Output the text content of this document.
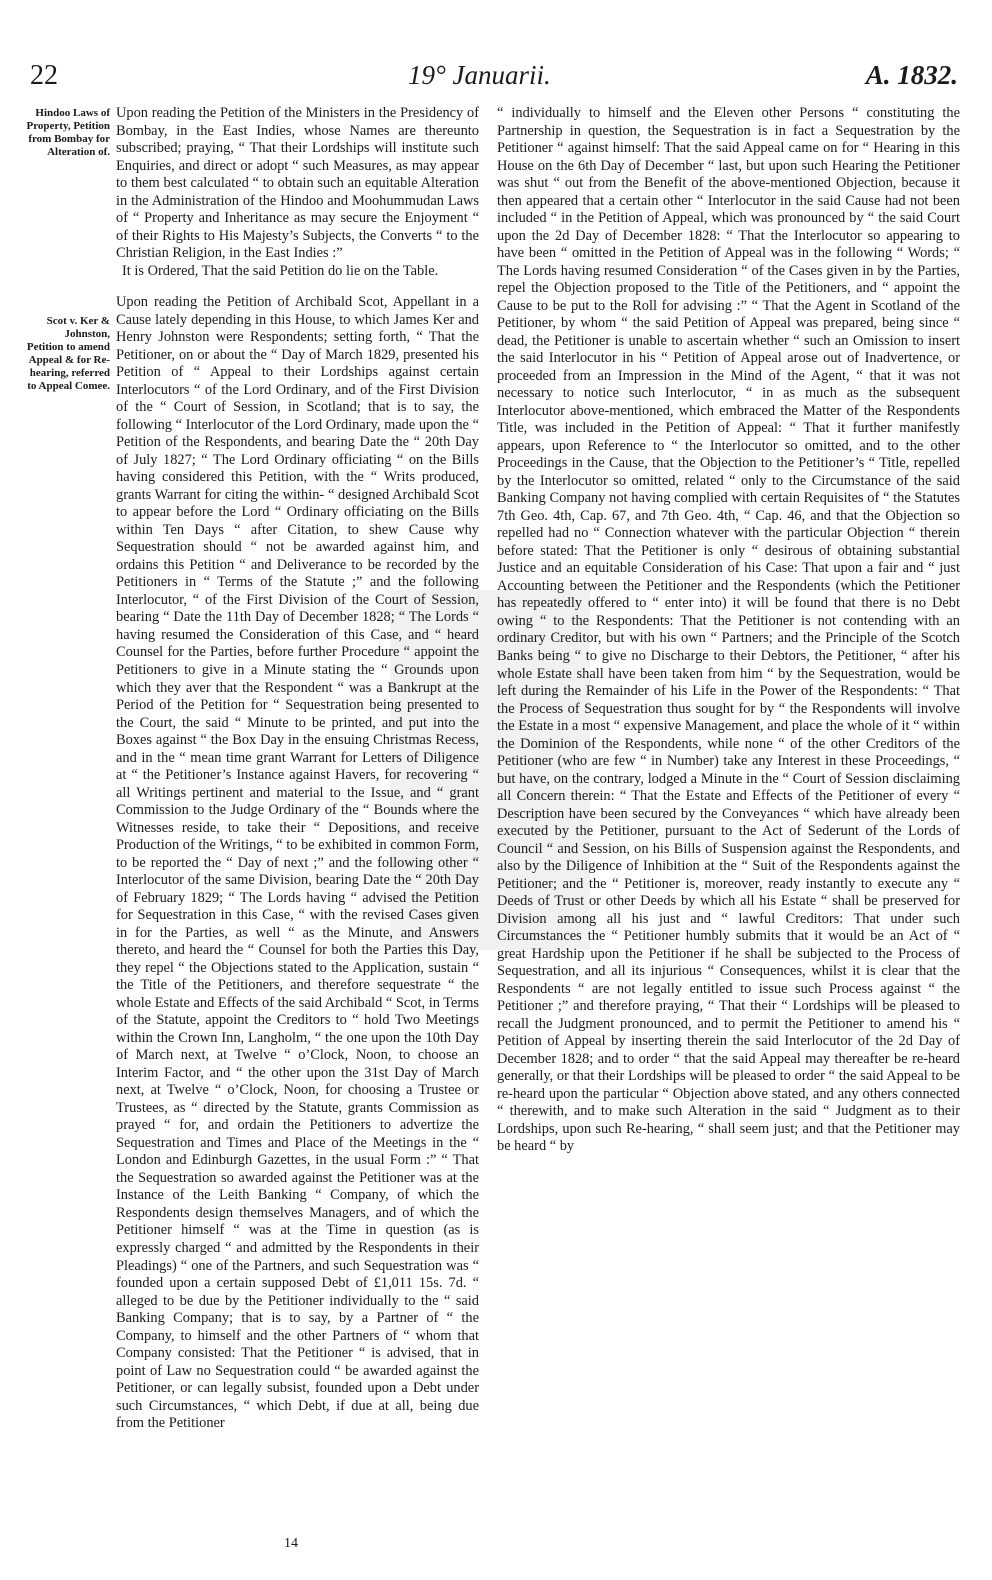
22	19° Januarii.	A. 1832.
Hindoo Laws of Property, Petition from Bombay for Alteration of.
Scot v. Ker & Johnston, Petition to amend Appeal & for Re-hearing, referred to Appeal Comee.

Upon reading the Petition of the Ministers in the Presidency of Bombay, in the East Indies, whose Names are thereunto subscribed; praying, “ That their Lordships will institute such Enquiries, and direct or adopt “ such Measures, as may appear to them best calculated “ to obtain such an equitable Alteration in the Administration of the Hindoo and Moohummudan Laws of “ Property and Inheritance as may secure the Enjoyment “ of their Rights to His Majesty’s Subjects, the Converts “ to the Christian Religion, in the East Indies :”

It is Ordered, That the said Petition do lie on the Table.

Upon reading the Petition of Archibald Scot, Appellant in a Cause lately depending in this House, to which James Ker and Henry Johnston were Respondents; setting forth, “ That the Petitioner, on or about the “ Day of March 1829, presented his Petition of “ Appeal to their Lordships against certain Interlocutors “ of the Lord Ordinary, and of the First Division of the “ Court of Session, in Scotland; that is to say, the following “ Interlocutor of the Lord Ordinary, made upon the “ Petition of the Respondents, and bearing Date the “ 20th Day of July 1827; “ The Lord Ordinary officiating “ on the Bills having considered this Petition, with the “ Writs produced, grants Warrant for citing the within- “ designed Archibald Scot to appear before the Lord “ Ordinary officiating on the Bills within Ten Days “ after Citation, to shew Cause why Sequestration should “ not be awarded against him, and ordains this Petition “ and Deliverance to be recorded by the Petitioners in “ Terms of the Statute ;” and the following Interlocutor, “ of the First Division of the Court of Session, bearing “ Date the 11th Day of December 1828; “ The Lords “ having resumed the Consideration of this Case, and “ heard Counsel for the Parties, before further Procedure “ appoint the Petitioners to give in a Minute stating the “ Grounds upon which they aver that the Respondent “ was a Bankrupt at the Period of the Petition for “ Sequestration being presented to the Court, the said “ Minute to be printed, and put into the Boxes against “ the Box Day in the ensuing Christmas Recess, and in the “ mean time grant Warrant for Letters of Diligence at “ the Petitioner’s Instance against Havers, for recovering “ all Writings pertinent and material to the Issue, and “ grant Commission to the Judge Ordinary of the “ Bounds where the Witnesses reside, to take their “ Depositions, and receive Production of the Writings, “ to be exhibited in common Form, to be reported the “ Day of next ;” and the following other “ Interlocutor of the same Division, bearing Date the “ 20th Day of February 1829; “ The Lords having “ advised the Petition for Sequestration in this Case, “ with the revised Cases given in for the Parties, as well “ as the Minute, and Answers thereto, and heard the “ Counsel for both the Parties this Day, they repel “ the Objections stated to the Application, sustain “ the Title of the Petitioners, and therefore sequestrate “ the whole Estate and Effects of the said Archibald “ Scot, in Terms of the Statute, appoint the Creditors to “ hold Two Meetings within the Crown Inn, Langholm, “ the one upon the 10th Day of March next, at Twelve “ o’Clock, Noon, to choose an Interim Factor, and “ the other upon the 31st Day of March next, at Twelve “ o’Clock, Noon, for choosing a Trustee or Trustees, as “ directed by the Statute, grants Commission as prayed “ for, and ordain the Petitioners to advertize the Sequestration and Times and Place of the Meetings in the “ London and Edinburgh Gazettes, in the usual Form :” “ That the Sequestration so awarded against the Petitioner was at the Instance of the Leith Banking “ Company, of which the Respondents design themselves Managers, and of which the Petitioner himself “ was at the Time in question (as is expressly charged “ and admitted by the Respondents in their Pleadings) “ one of the Partners, and such Sequestration was “ founded upon a certain supposed Debt of £1,011 15s. 7d. “ alleged to be due by the Petitioner individually to the “ said Banking Company; that is to say, by a Partner of “ the Company, to himself and the other Partners of “ whom that Company consisted: That the Petitioner “ is advised, that in point of Law no Sequestration could “ be awarded against the Petitioner, or can legally subsist, founded upon a Debt under such Circumstances, “ which Debt, if due at all, being due from the Petitioner

“ individually to himself and the Eleven other Persons “ constituting the Partnership in question, the Sequestration is in fact a Sequestration by the Petitioner “ against himself: That the said Appeal came on for “ Hearing in this House on the 6th Day of December “ last, but upon such Hearing the Petitioner was shut “ out from the Benefit of the above-mentioned Objection, because it then appeared that a certain other “ Interlocutor in the said Cause had not been included “ in the Petition of Appeal, which was pronounced by “ the said Court upon the 2d Day of December 1828: “ That the Interlocutor so appearing to have been “ omitted in the Petition of Appeal was in the following “ Words; “ The Lords having resumed Consideration “ of the Cases given in by the Parties, repel the Objection proposed to the Title of the Petitioners, and “ appoint the Cause to be put to the Roll for advising :” “ That the Agent in Scotland of the Petitioner, by whom “ the said Petition of Appeal was prepared, being since “ dead, the Petitioner is unable to ascertain whether “ such an Omission to insert the said Interlocutor in his “ Petition of Appeal arose out of Inadvertence, or proceeded from an Impression in the Mind of the Agent, “ that it was not necessary to notice such Interlocutor, “ in as much as the subsequent Interlocutor above-mentioned, which embraced the Matter of the Respondents Title, was included in the Petition of Appeal: “ That it further manifestly appears, upon Reference to “ the Interlocutor so omitted, and to the other Proceedings in the Cause, that the Objection to the Petitioner’s “ Title, repelled by the Interlocutor so omitted, related “ only to the Circumstance of the said Banking Company not having complied with certain Requisites of “ the Statutes 7th Geo. 4th, Cap. 67, and 7th Geo. 4th, “ Cap. 46, and that the Objection so repelled had no “ Connection whatever with the particular Objection “ therein before stated: That the Petitioner is only “ desirous of obtaining substantial Justice and an equitable Consideration of his Case: That upon a fair and “ just Accounting between the Petitioner and the Respondents (which the Petitioner has repeatedly offered to “ enter into) it will be found that there is no Debt owing “ to the Respondents: That the Petitioner is not contending with an ordinary Creditor, but with his own “ Partners; and the Principle of the Scotch Banks being “ to give no Discharge to their Debtors, the Petitioner, “ after his whole Estate shall have been taken from him “ by the Sequestration, would be left during the Remainder of his Life in the Power of the Respondents: “ That the Process of Sequestration thus sought for by “ the Respondents will involve the Estate in a most “ expensive Management, and place the whole of it “ within the Dominion of the Respondents, while none “ of the other Creditors of the Petitioner (who are few “ in Number) take any Interest in these Proceedings, “ but have, on the contrary, lodged a Minute in the “ Court of Session disclaiming all Concern therein: “ That the Estate and Effects of the Petitioner of every “ Description have been secured by the Conveyances “ which have already been executed by the Petitioner, pursuant to the Act of Sederunt of the Lords of Council “ and Session, on his Bills of Suspension against the Respondents, and also by the Diligence of Inhibition at the “ Suit of the Respondents against the Petitioner; and the “ Petitioner is, moreover, ready instantly to execute any “ Deeds of Trust or other Deeds by which all his Estate “ shall be preserved for Division among all his just and “ lawful Creditors: That under such Circumstances the “ Petitioner humbly submits that it would be an Act of “ great Hardship upon the Petitioner if he shall be subjected to the Process of Sequestration, and all its injurious “ Consequences, whilst it is clear that the Respondents “ are not legally entitled to issue such Process against “ the Petitioner ;” and therefore praying, “ That their “ Lordships will be pleased to recall the Judgment pronounced, and to permit the Petitioner to amend his “ Petition of Appeal by inserting therein the said Interlocutor of the 2d Day of December 1828; and to order “ that the said Appeal may thereafter be re-heard generally, or that their Lordships will be pleased to order “ the said Appeal to be re-heard upon the particular “ Objection above stated, and any others connected “ therewith, and to make such Alteration in the said “ Judgment as to their Lordships, upon such Re-hearing, “ shall seem just; and that the Petitioner may be heard “ by

14
